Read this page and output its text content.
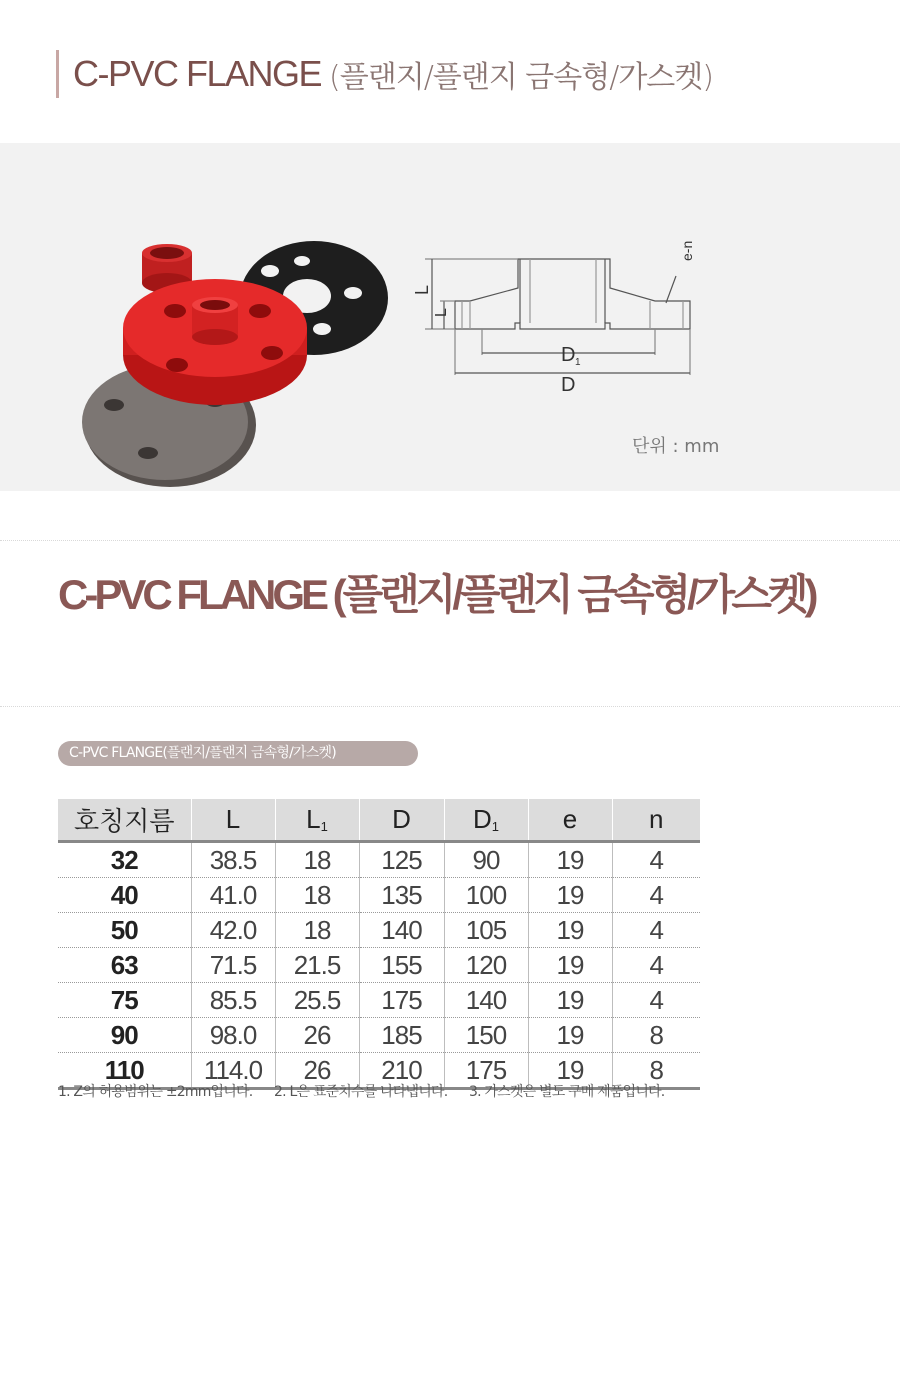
C-PVC FLANGE (플랜지/플랜지 금속형/가스켓)
L
L
D 1
D
e-n
단위 : mm
C-PVC FLANGE (플랜지/플랜지 금속형/가스켓)
C-PVC FLANGE(플랜지/플랜지 금속형/가스켓)
호칭지름	L	$L_1$	D	$D_1$	e	n
32	38.5	18	125	90	19	4
40	41.0	18	135	100	19	4
50	42.0	18	140	105	19	4
63	71.5	21.5	155	120	19	4
75	85.5	25.5	175	140	19	4
90	98.0	26	185	150	19	8
110	114.0	26	210	175	19	8
1. Z의 허용범위는 ±2mm입니다. 2. L은 표준치수를 나타냅니다. 3. 가스켓은 별도 구매 제품입니다.
